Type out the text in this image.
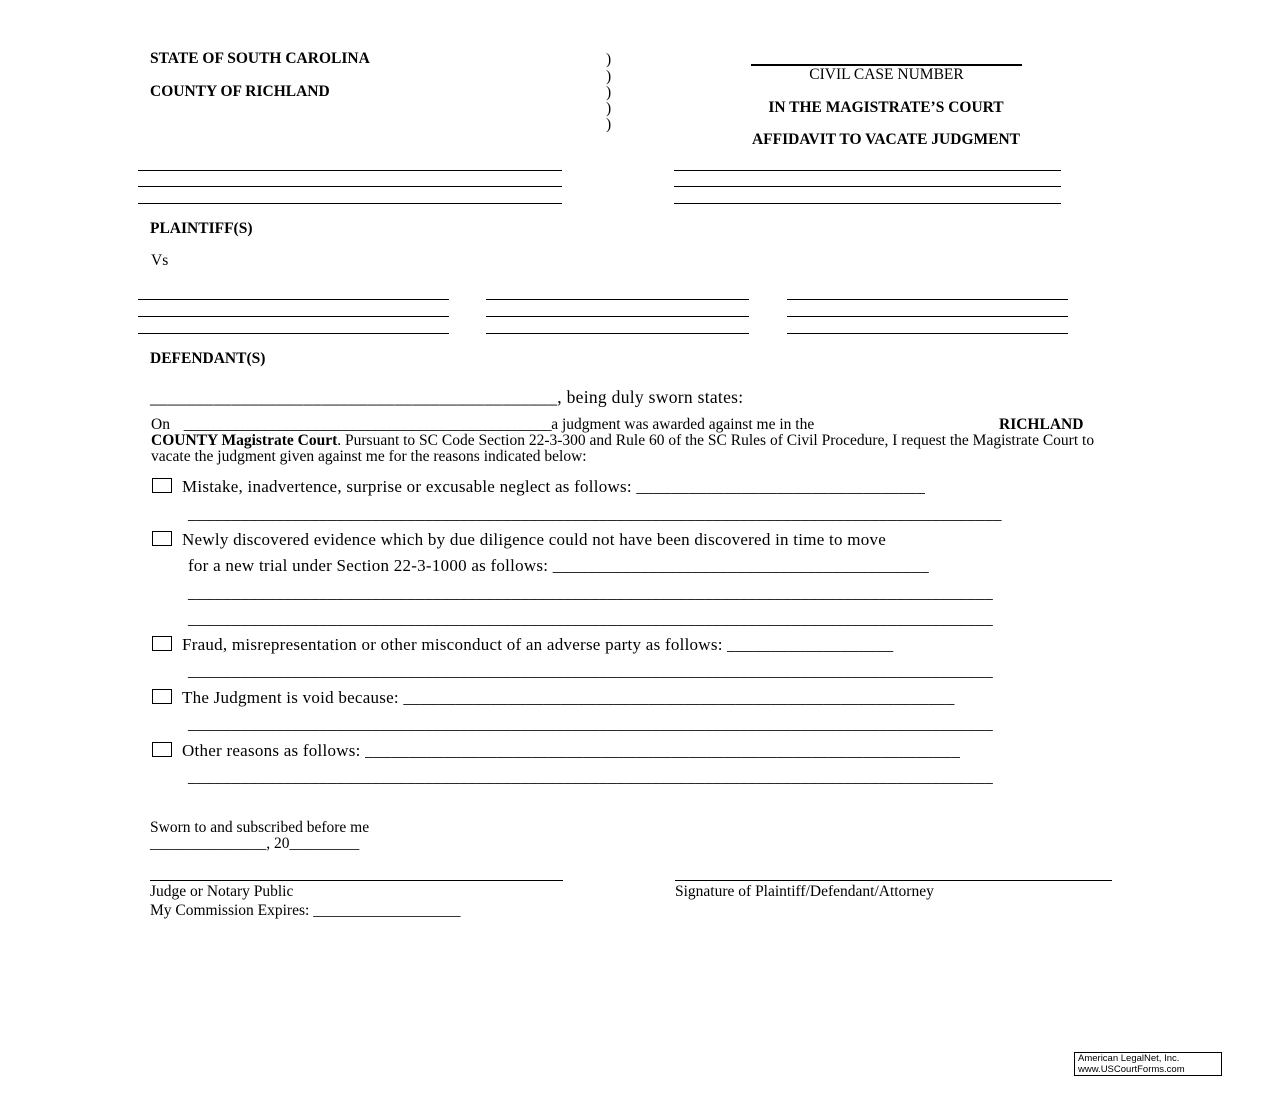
STATE OF SOUTH CAROLINA
COUNTY OF RICHLAND
)
)
)
)
)
CIVIL CASE NUMBER
IN THE MAGISTRATE’S COURT
AFFIDAVIT TO VACATE JUDGMENT
PLAINTIFF(S)
Vs
DEFENDANT(S)
_____________________________________________, being duly sworn states:
On __________________________________________________a judgment was awarded against me in the	RICHLAND
COUNTY Magistrate Court. Pursuant to SC Code Section 22-3-300 and Rule 60 of the SC Rules of Civil Procedure, I request the Magistrate Court to vacate the judgment given against me for the reasons indicated below:
Mistake, inadvertence, surprise or excusable neglect as follows: _________________________________
_____________________________________________________________________________________________
Newly discovered evidence which by due diligence could not have been discovered in time to move
for a new trial under Section 22-3-1000 as follows: ___________________________________________
____________________________________________________________________________________________
____________________________________________________________________________________________
Fraud, misrepresentation or other misconduct of an adverse party as follows: ___________________
____________________________________________________________________________________________
The Judgment is void because: _______________________________________________________________
____________________________________________________________________________________________
Other reasons as follows: ____________________________________________________________________
____________________________________________________________________________________________
Sworn to and subscribed before me
_______________, 20_________
Judge or Notary Public
My Commission Expires: ___________________
Signature of Plaintiff/Defendant/Attorney
American LegalNet, Inc.
www.USCourtForms.com
